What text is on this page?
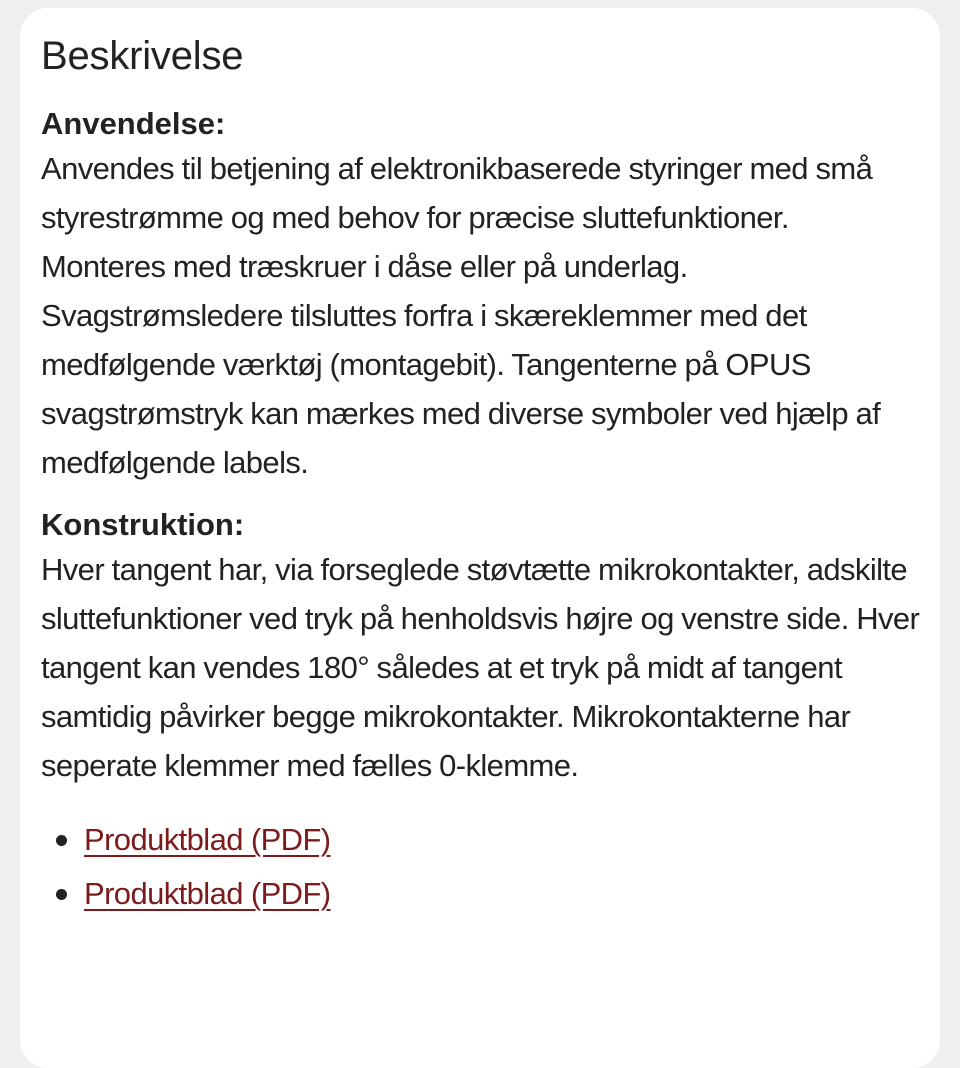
Beskrivelse
Anvendelse:

Anvendes til betjening af elektronikbaserede styringer med små styrestrømme og med behov for præcise sluttefunktioner. Monteres med træskruer i dåse eller på underlag. Svagstrømsledere tilsluttes forfra i skæreklemmer med det medfølgende værktøj (montagebit). Tangenterne på OPUS svagstrømstryk kan mærkes med diverse symboler ved hjælp af medfølgende labels.

Konstruktion:

Hver tangent har, via forseglede støvtætte mikrokontakter, adskilte sluttefunktioner ved tryk på henholdsvis højre og venstre side. Hver tangent kan vendes 180° således at et tryk på midt af tangent samtidig påvirker begge mikrokontakter. Mikrokontakterne har seperate klemmer med fælles 0-klemme.

Produktblad (PDF)
Produktblad (PDF)
